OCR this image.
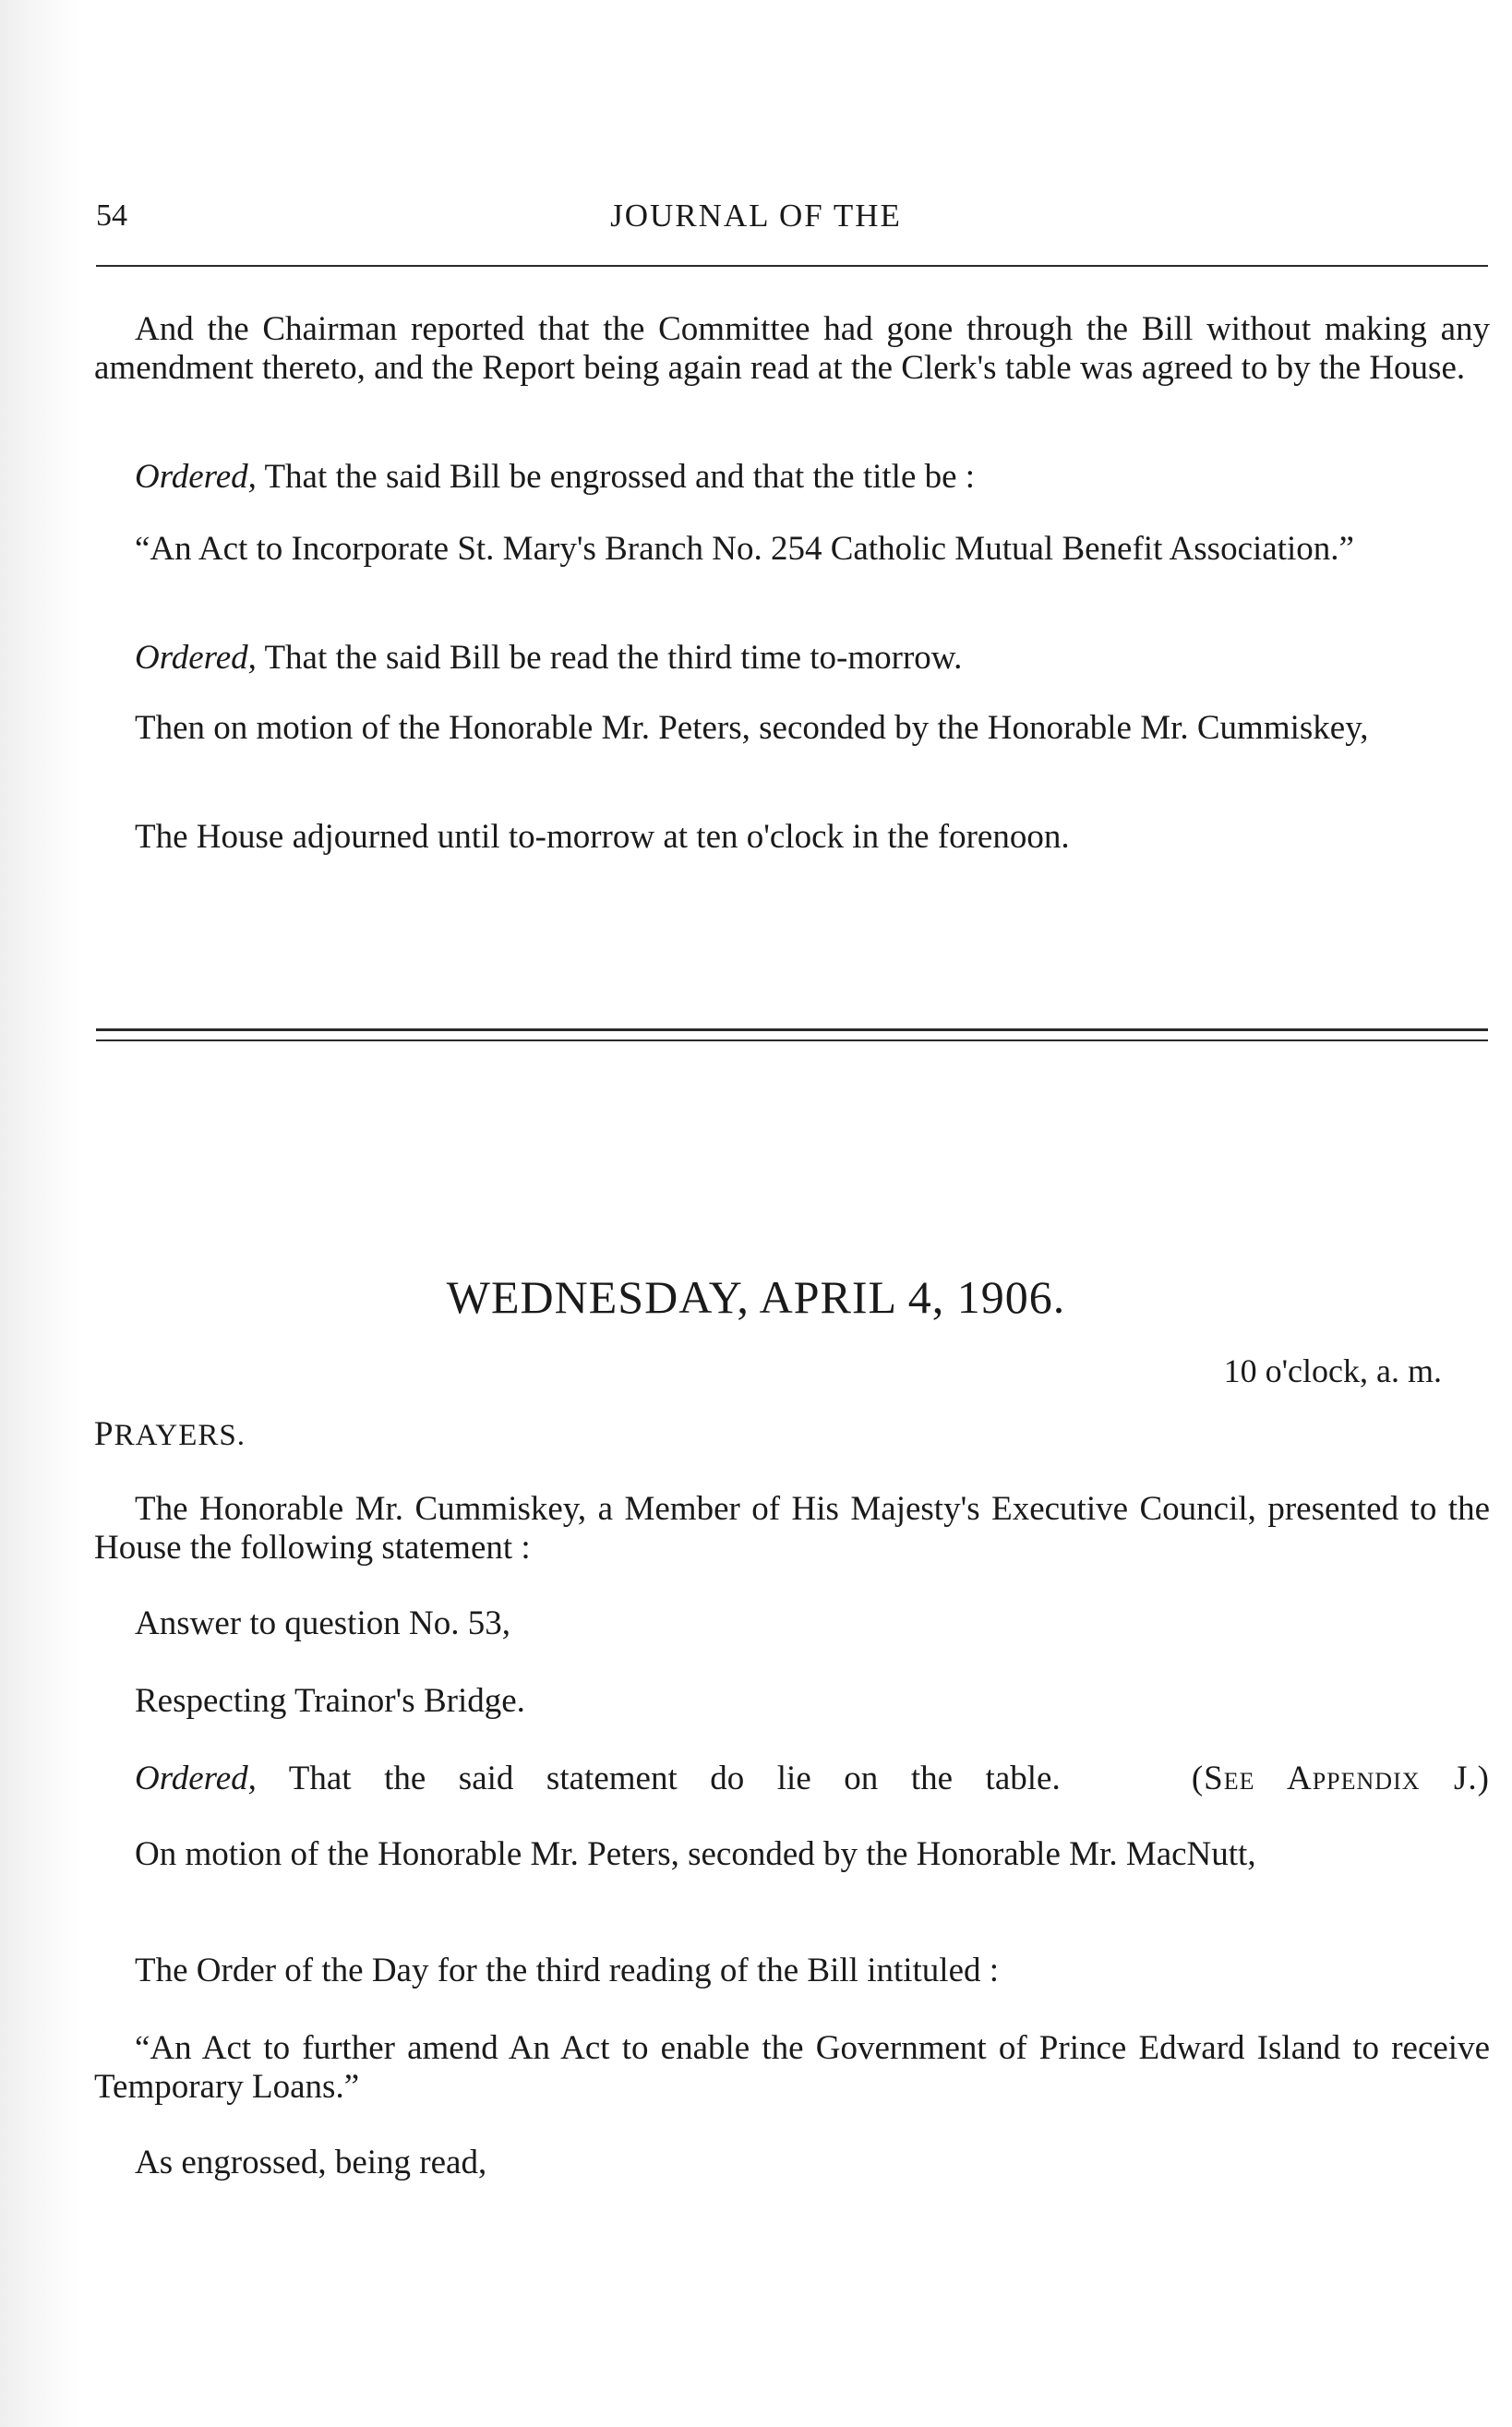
54	JOURNAL OF THE

And the Chairman reported that the Committee had gone through the Bill without making any amendment thereto, and the Report being again read at the Clerk's table was agreed to by the House.

Ordered, That the said Bill be engrossed and that the title be :

“An Act to Incorporate St. Mary's Branch No. 254 Catholic Mutual Benefit Association.”

Ordered, That the said Bill be read the third time to-morrow.

Then on motion of the Honorable Mr. Peters, seconded by the Honorable Mr. Cummiskey,

The House adjourned until to-morrow at ten o'clock in the forenoon.

WEDNESDAY, APRIL 4, 1906.
10 o'clock, a. m.
PRAYERS.

The Honorable Mr. Cummiskey, a Member of His Majesty's Executive Council, presented to the House the following statement :

Answer to question No. 53,

Respecting Trainor's Bridge.

Ordered, That the said statement do lie on the table.	(See Appendix J.)

On motion of the Honorable Mr. Peters, seconded by the Honorable Mr. MacNutt,

The Order of the Day for the third reading of the Bill intituled :

“An Act to further amend An Act to enable the Government of Prince Edward Island to receive Temporary Loans.”

As engrossed, being read,
